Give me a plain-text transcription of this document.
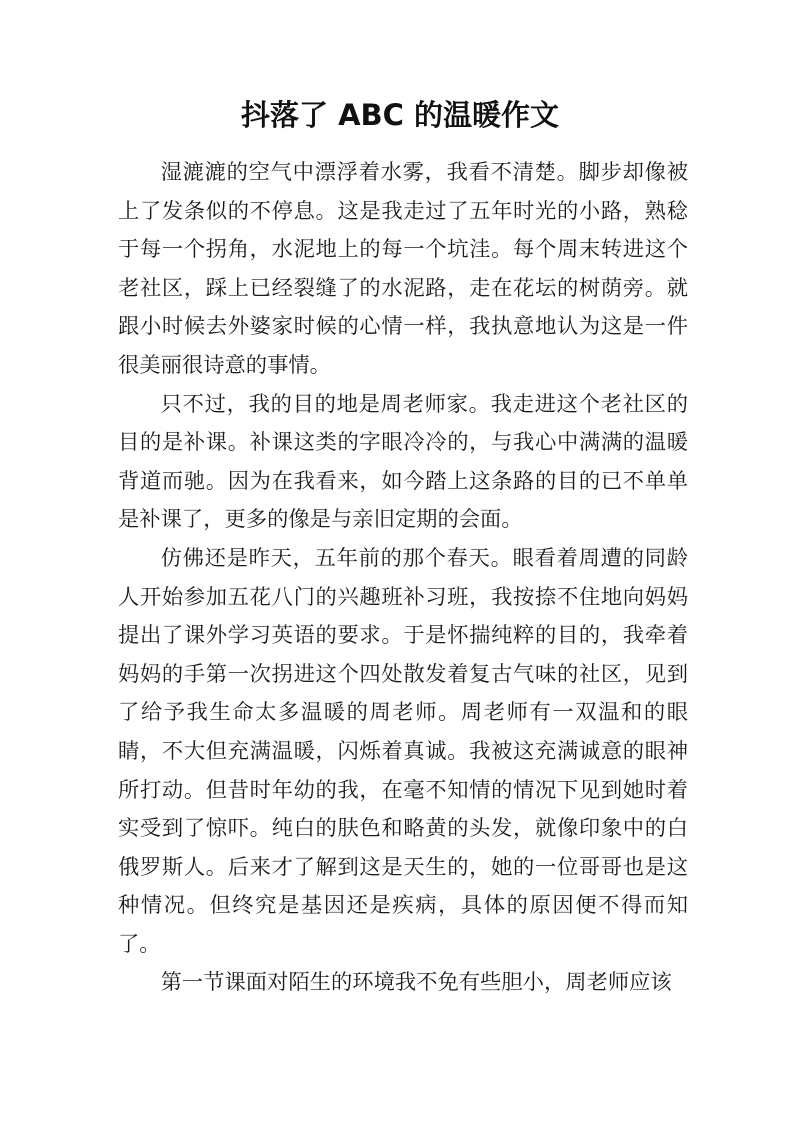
抖落了 ABC 的温暖作文

湿漉漉的空气中漂浮着水雾，我看不清楚。脚步却像被上了发条似的不停息。这是我走过了五年时光的小路，熟稔于每一个拐角，水泥地上的每一个坑洼。每个周末转进这个老社区，踩上已经裂缝了的水泥路，走在花坛的树荫旁。就跟小时候去外婆家时候的心情一样，我执意地认为这是一件很美丽很诗意的事情。

只不过，我的目的地是周老师家。我走进这个老社区的目的是补课。补课这类的字眼冷冷的，与我心中满满的温暖背道而驰。因为在我看来，如今踏上这条路的目的已不单单是补课了，更多的像是与亲旧定期的会面。

仿佛还是昨天，五年前的那个春天。眼看着周遭的同龄人开始参加五花八门的兴趣班补习班，我按捺不住地向妈妈提出了课外学习英语的要求。于是怀揣纯粹的目的，我牵着妈妈的手第一次拐进这个四处散发着复古气味的社区，见到了给予我生命太多温暖的周老师。周老师有一双温和的眼睛，不大但充满温暖，闪烁着真诚。我被这充满诚意的眼神所打动。但昔时年幼的我，在毫不知情的情况下见到她时着实受到了惊吓。纯白的肤色和略黄的头发，就像印象中的白俄罗斯人。后来才了解到这是天生的，她的一位哥哥也是这种情况。但终究是基因还是疾病，具体的原因便不得而知了。

第一节课面对陌生的环境我不免有些胆小，周老师应该
